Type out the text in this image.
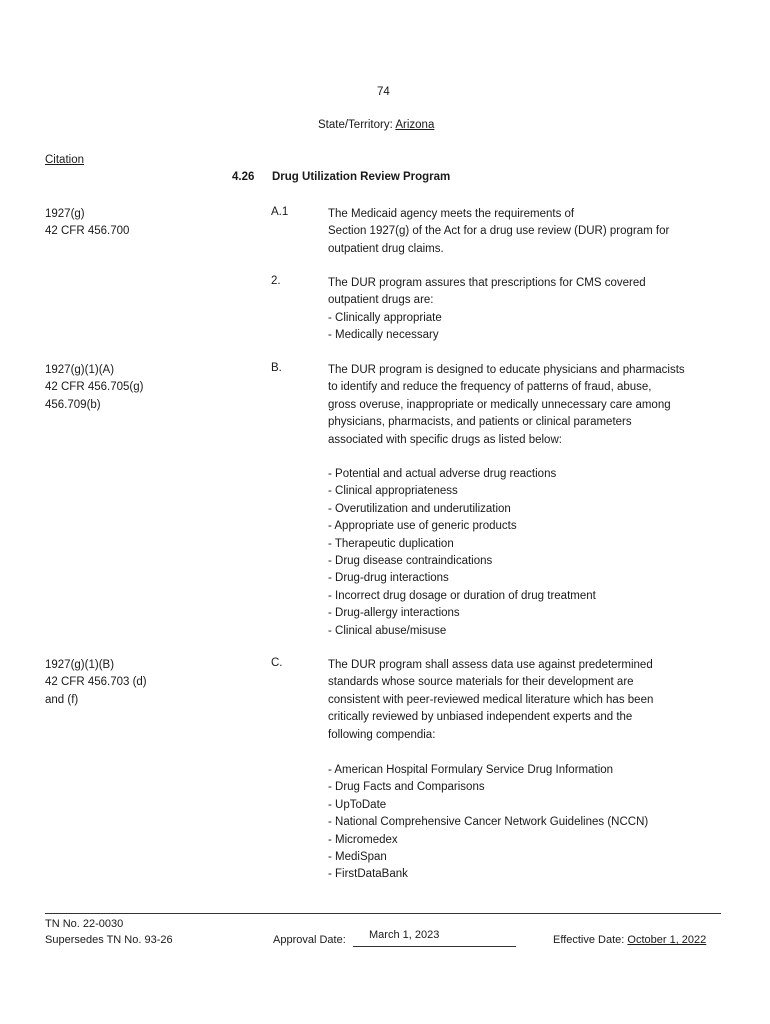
74
State/Territory: Arizona
Citation
4.26 Drug Utilization Review Program
1927(g)
42 CFR 456.700
A.1	The Medicaid agency meets the requirements of
Section 1927(g) of the Act for a drug use review (DUR) program for
outpatient drug claims.
2.	The DUR program assures that prescriptions for CMS covered
outpatient drugs are:
- Clinically appropriate
- Medically necessary
1927(g)(1)(A)
42 CFR 456.705(g)
456.709(b)
B.	The DUR program is designed to educate physicians and pharmacists
to identify and reduce the frequency of patterns of fraud, abuse,
gross overuse, inappropriate or medically unnecessary care among
physicians, pharmacists, and patients or clinical parameters
associated with specific drugs as listed below:
- Potential and actual adverse drug reactions
- Clinical appropriateness
- Overutilization and underutilization
- Appropriate use of generic products
- Therapeutic duplication
- Drug disease contraindications
- Drug-drug interactions
- Incorrect drug dosage or duration of drug treatment
- Drug-allergy interactions
- Clinical abuse/misuse
1927(g)(1)(B)
42 CFR 456.703 (d)
and (f)
C.	The DUR program shall assess data use against predetermined
standards whose source materials for their development are
consistent with peer-reviewed medical literature which has been
critically reviewed by unbiased independent experts and the
following compendia:
- American Hospital Formulary Service Drug Information
- Drug Facts and Comparisons
- UpToDate
- National Comprehensive Cancer Network Guidelines (NCCN)
- Micromedex
- MediSpan
- FirstDataBank
TN No. 22-0030
Supersedes TN No. 93-26	Approval Date: March 1, 2023	Effective Date: October 1, 2022
